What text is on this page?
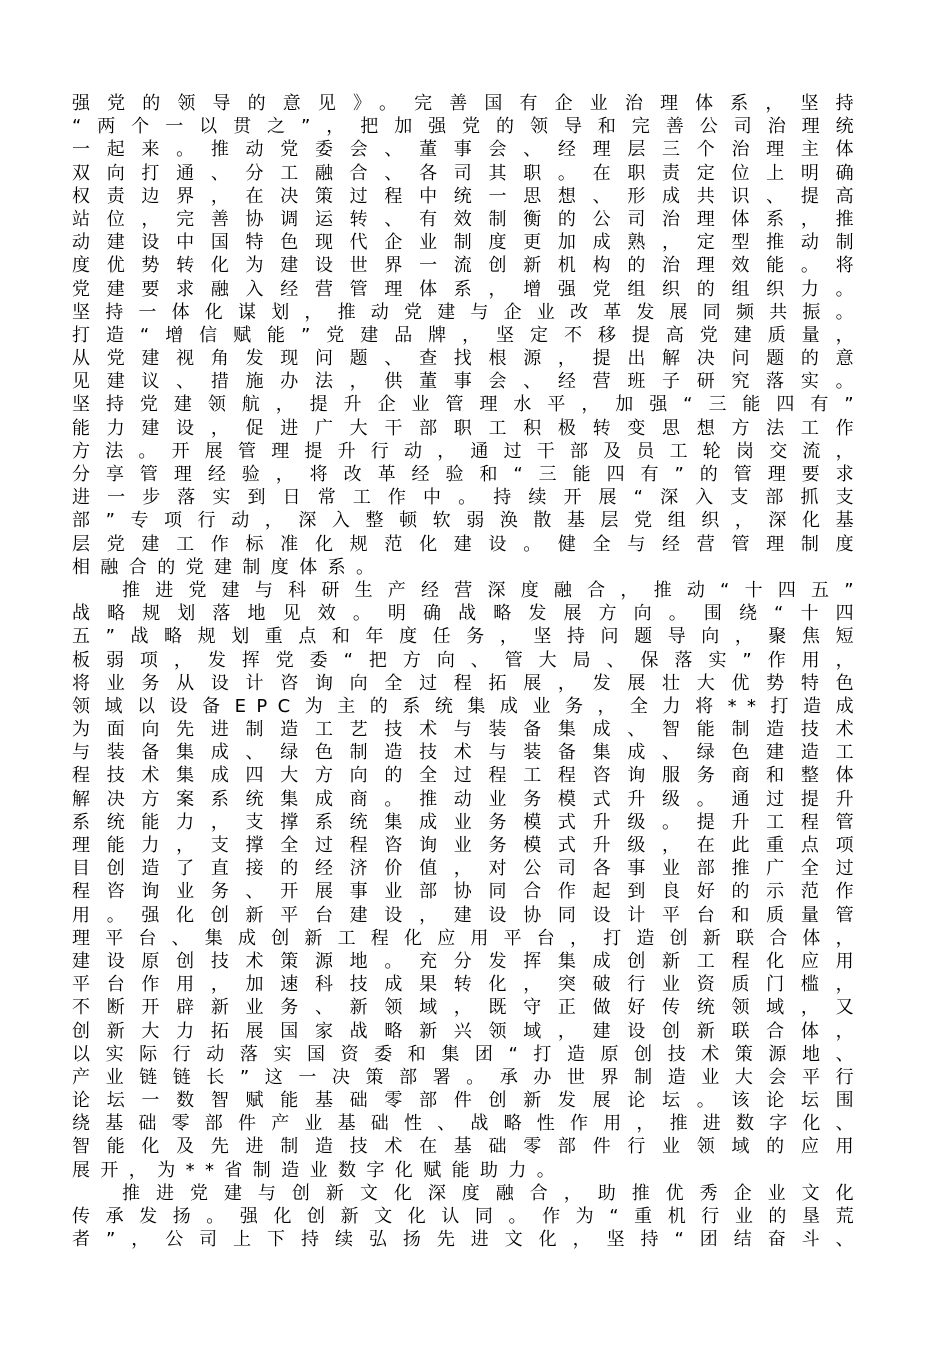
强党的领导的意见》。完善国有企业治理体系，坚持
“两个一以贯之”，把加强党的领导和完善公司治理统
一起来。推动党委会、董事会、经理层三个治理主体
双向打通、分工融合、各司其职。在职责定位上明确
权责边界，在决策过程中统一思想、形成共识、提高
站位，完善协调运转、有效制衡的公司治理体系，推
动建设中国特色现代企业制度更加成熟，定型推动制
度优势转化为建设世界一流创新机构的治理效能。将
党建要求融入经营管理体系，增强党组织的组织力。
坚持一体化谋划，推动党建与企业改革发展同频共振。
打造“增信赋能”党建品牌，坚定不移提高党建质量，
从党建视角发现问题、查找根源，提出解决问题的意
见建议、措施办法，供董事会、经营班子研究落实。
坚持党建领航，提升企业管理水平，加强“三能四有”
能力建设，促进广大干部职工积极转变思想方法工作
方法。开展管理提升行动，通过干部及员工轮岗交流，
分享管理经验，将改革经验和“三能四有”的管理要求
进一步落实到日常工作中。持续开展“深入支部抓支
部”专项行动，深入整顿软弱涣散基层党组织，深化基
层党建工作标准化规范化建设。健全与经营管理制度
相融合的党建制度体系。
推进党建与科研生产经营深度融合，推动“十四五”
战略规划落地见效。明确战略发展方向。围绕“十四
五”战略规划重点和年度任务，坚持问题导向，聚焦短
板弱项，发挥党委“把方向、管大局、保落实”作用，
将业务从设计咨询向全过程拓展，发展壮大优势特色
领域以设备EPC为主的系统集成业务，全力将**打造成
为面向先进制造工艺技术与装备集成、智能制造技术
与装备集成、绿色制造技术与装备集成、绿色建造工
程技术集成四大方向的全过程工程咨询服务商和整体
解决方案系统集成商。推动业务模式升级。通过提升
系统能力，支撑系统集成业务模式升级。提升工程管
理能力，支撑全过程咨询业务模式升级，在此重点项
目创造了直接的经济价值，对公司各事业部推广全过
程咨询业务、开展事业部协同合作起到良好的示范作
用。强化创新平台建设，建设协同设计平台和质量管
理平台、集成创新工程化应用平台，打造创新联合体，
建设原创技术策源地。充分发挥集成创新工程化应用
平台作用，加速科技成果转化，突破行业资质门槛，
不断开辟新业务、新领域，既守正做好传统领域，又
创新大力拓展国家战略新兴领域，建设创新联合体，
以实际行动落实国资委和集团“打造原创技术策源地、
产业链链长”这一决策部署。承办世界制造业大会平行
论坛一数智赋能基础零部件创新发展论坛。该论坛围
绕基础零部件产业基础性、战略性作用，推进数字化、
智能化及先进制造技术在基础零部件行业领域的应用
展开，为**省制造业数字化赋能助力。
推进党建与创新文化深度融合，助推优秀企业文化
传承发扬。强化创新文化认同。作为“重机行业的垦荒
者”，公司上下持续弘扬先进文化，坚持“团结奋斗、
